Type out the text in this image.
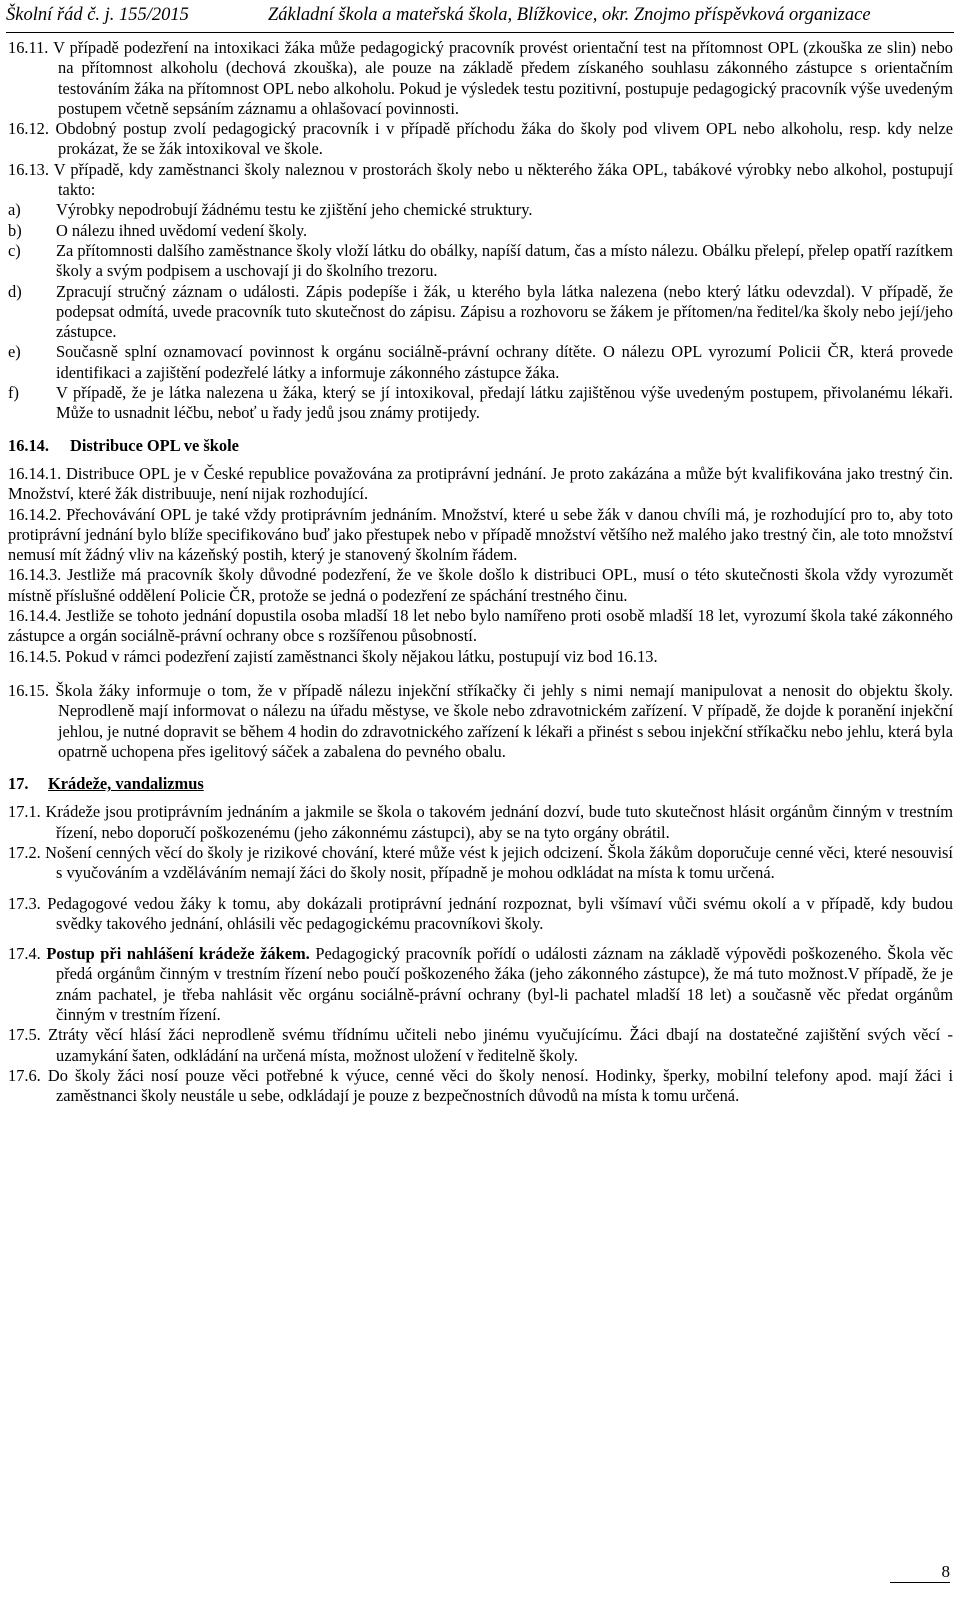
Školní řád č. j. 155/2015	Základní škola a mateřská škola, Blížkovice, okr. Znojmo příspěvková organizace

16.11. V případě podezření na intoxikaci žáka může pedagogický pracovník provést orientační test na přítomnost OPL (zkouška ze slin) nebo na přítomnost alkoholu (dechová zkouška), ale pouze na základě předem získaného souhlasu zákonného zástupce s orientačním testováním žáka na přítomnost OPL nebo alkoholu. Pokud je výsledek testu pozitivní, postupuje pedagogický pracovník výše uvedeným postupem včetně sepsáním záznamu a ohlašovací povinnosti.

16.12. Obdobný postup zvolí pedagogický pracovník i v případě příchodu žáka do školy pod vlivem OPL nebo alkoholu, resp. kdy nelze prokázat, že se žák intoxikoval ve škole.

16.13. V případě, kdy zaměstnanci školy naleznou v prostorách školy nebo u některého žáka OPL, tabákové výrobky nebo alkohol, postupují takto:

a) Výrobky nepodrobují žádnému testu ke zjištění jeho chemické struktury.

b) O nálezu ihned uvědomí vedení školy.

c) Za přítomnosti dalšího zaměstnance školy vloží látku do obálky, napíší datum, čas a místo nálezu. Obálku přelepí, přelep opatří razítkem školy a svým podpisem a uschovají ji do školního trezoru.

d) Zpracují stručný záznam o události. Zápis podepíše i žák, u kterého byla látka nalezena (nebo který látku odevzdal). V případě, že podepsat odmítá, uvede pracovník tuto skutečnost do zápisu. Zápisu a rozhovoru se žákem je přítomen/na ředitel/ka školy nebo její/jeho zástupce.

e) Současně splní oznamovací povinnost k orgánu sociálně-právní ochrany dítěte. O nálezu OPL vyrozumí Policii ČR, která provede identifikaci a zajištění podezřelé látky a informuje zákonného zástupce žáka.

f) V případě, že je látka nalezena u žáka, který se jí intoxikoval, předají látku zajištěnou výše uvedeným postupem, přivolanému lékaři. Může to usnadnit léčbu, neboť u řady jedů jsou známy protijedy.

16.14. Distribuce OPL ve škole

16.14.1. Distribuce OPL je v České republice považována za protiprávní jednání. Je proto zakázána a může být kvalifikována jako trestný čin. Množství, které žák distribuuje, není nijak rozhodující.

16.14.2. Přechovávání OPL je také vždy protiprávním jednáním. Množství, které u sebe žák v danou chvíli má, je rozhodující pro to, aby toto protiprávní jednání bylo blíže specifikováno buď jako přestupek nebo v případě množství většího než malého jako trestný čin, ale toto množství nemusí mít žádný vliv na kázeňský postih, který je stanovený školním řádem.

16.14.3. Jestliže má pracovník školy důvodné podezření, že ve škole došlo k distribuci OPL, musí o této skutečnosti škola vždy vyrozumět místně příslušné oddělení Policie ČR, protože se jedná o podezření ze spáchání trestného činu.

16.14.4. Jestliže se tohoto jednání dopustila osoba mladší 18 let nebo bylo namířeno proti osobě mladší 18 let, vyrozumí škola také zákonného zástupce a orgán sociálně-právní ochrany obce s rozšířenou působností.

16.14.5. Pokud v rámci podezření zajistí zaměstnanci školy nějakou látku, postupují viz bod 16.13.

16.15. Škola žáky informuje o tom, že v případě nálezu injekční stříkačky či jehly s nimi nemají manipulovat a nenosit do objektu školy. Neprodleně mají informovat o nálezu na úřadu městyse, ve škole nebo zdravotnickém zařízení. V případě, že dojde k poranění injekční jehlou, je nutné dopravit se během 4 hodin do zdravotnického zařízení k lékaři a přinést s sebou injekční stříkačku nebo jehlu, která byla opatrně uchopena přes igelitový sáček a zabalena do pevného obalu.

17. Krádeže, vandalizmus

17.1. Krádeže jsou protiprávním jednáním a jakmile se škola o takovém jednání dozví, bude tuto skutečnost hlásit orgánům činným v trestním řízení, nebo doporučí poškozenému (jeho zákonnému zástupci), aby se na tyto orgány obrátil.

17.2. Nošení cenných věcí do školy je rizikové chování, které může vést k jejich odcizení. Škola žákům doporučuje cenné věci, které nesouvisí s vyučováním a vzděláváním nemají žáci do školy nosit, případně je mohou odkládat na místa k tomu určená.

17.3. Pedagogové vedou žáky k tomu, aby dokázali protiprávní jednání rozpoznat, byli všímaví vůči svému okolí a v případě, kdy budou svědky takového jednání, ohlásili věc pedagogickému pracovníkovi školy.

17.4. Postup při nahlášení krádeže žákem. Pedagogický pracovník pořídí o události záznam na základě výpovědi poškozeného. Škola věc předá orgánům činným v trestním řízení nebo poučí poškozeného žáka (jeho zákonného zástupce), že má tuto možnost.V případě, že je znám pachatel, je třeba nahlásit věc orgánu sociálně-právní ochrany (byl-li pachatel mladší 18 let) a současně věc předat orgánům činným v trestním řízení.

17.5. Ztráty věcí hlásí žáci neprodleně svému třídnímu učiteli nebo jinému vyučujícímu. Žáci dbají na dostatečné zajištění svých věcí - uzamykání šaten, odkládání na určená místa, možnost uložení v ředitelně školy.

17.6. Do školy žáci nosí pouze věci potřebné k výuce, cenné věci do školy nenosí. Hodinky, šperky, mobilní telefony apod. mají žáci i zaměstnanci školy neustále u sebe, odkládají je pouze z bezpečnostních důvodů na místa k tomu určená.

8
